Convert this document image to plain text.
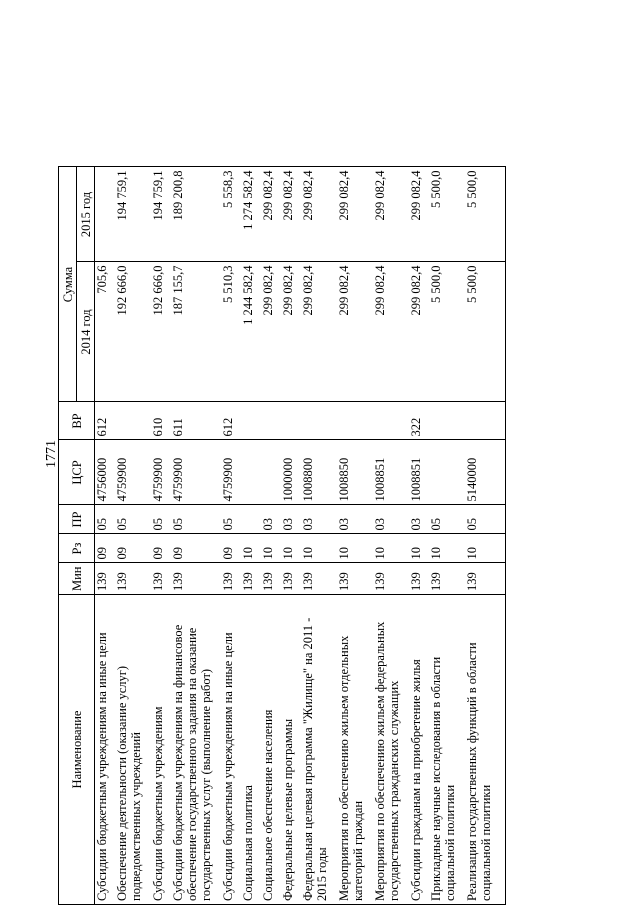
1771
Наименование	Мин	Рз	ПР	ЦСР	ВР	Сумма	
						2014 год	2015 год
Субсидии бюджетным учреждениям на иные цели	139	09	05	4756000	612	705,6	
Обеспечение деятельности (оказание услуг) подведомственных учреждений	139	09	05	4759900		192 666,0	194 759,1
Субсидии бюджетным учреждениям	139	09	05	4759900	610	192 666,0	194 759,1
Субсидии бюджетным учреждениям на финансовое обеспечение государственного задания на оказание государственных услуг (выполнение работ)	139	09	05	4759900	611	187 155,7	189 200,8
Субсидии бюджетным учреждениям на иные цели	139	09	05	4759900	612	5 510,3	5 558,3
Социальная политика	139	10				1 244 582,4	1 274 582,4
Социальное обеспечение населения	139	10	03			299 082,4	299 082,4
Федеральные целевые программы	139	10	03	1000000		299 082,4	299 082,4
Федеральная целевая программа "Жилище" на 2011 - 2015 годы	139	10	03	1008800		299 082,4	299 082,4
Мероприятия по обеспечению жильем отдельных категорий граждан	139	10	03	1008850		299 082,4	299 082,4
Мероприятия по обеспечению жильем федеральных государственных гражданских служащих	139	10	03	1008851		299 082,4	299 082,4
Субсидии гражданам на приобретение жилья	139	10	03	1008851	322	299 082,4	299 082,4
Прикладные научные исследования в области социальной политики	139	10	05			5 500,0	5 500,0
Реализация государственных функций в области социальной политики	139	10	05	5140000		5 500,0	5 500,0
